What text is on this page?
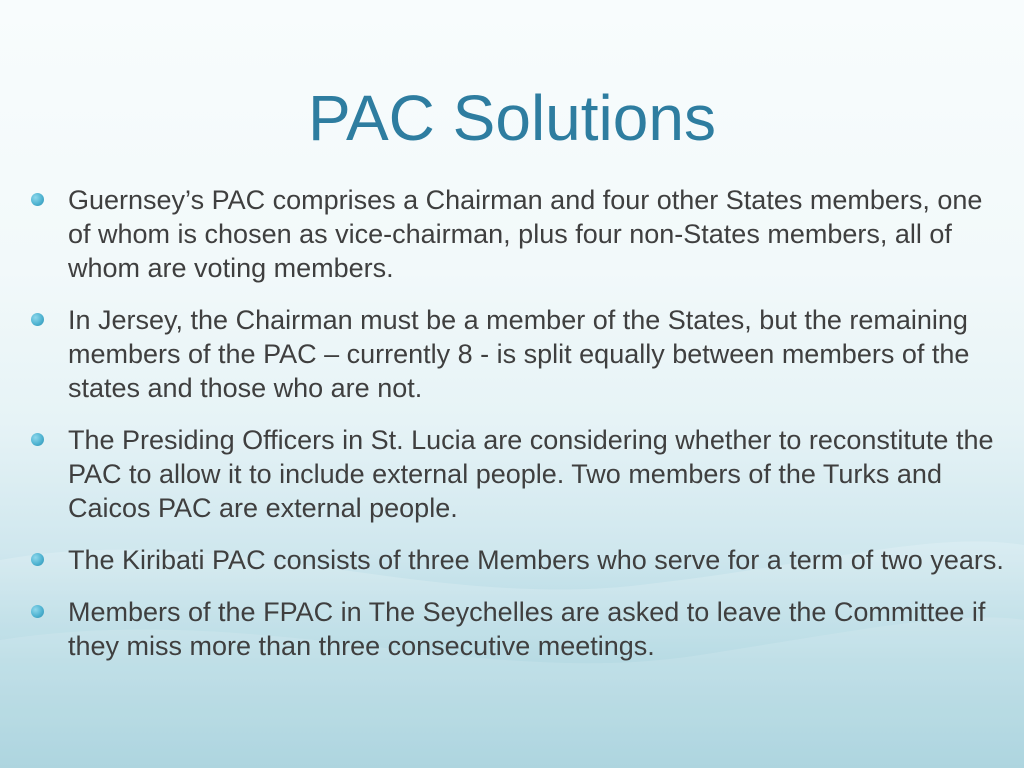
PAC Solutions
Guernsey’s PAC comprises a Chairman and four other States members, one of whom is chosen as vice-chairman, plus four non-States members, all of whom are voting members.
In Jersey, the Chairman must be a member of the States, but the remaining members of the PAC – currently 8 - is split equally between members of the states and those who are not.
The Presiding Officers in St. Lucia are considering whether to reconstitute the PAC to allow it to include external people. Two members of the Turks and Caicos PAC are external people.
The Kiribati PAC consists of three Members who serve for a term of two years.
Members of the FPAC in The Seychelles are asked to leave the Committee if they miss more than three consecutive meetings.
